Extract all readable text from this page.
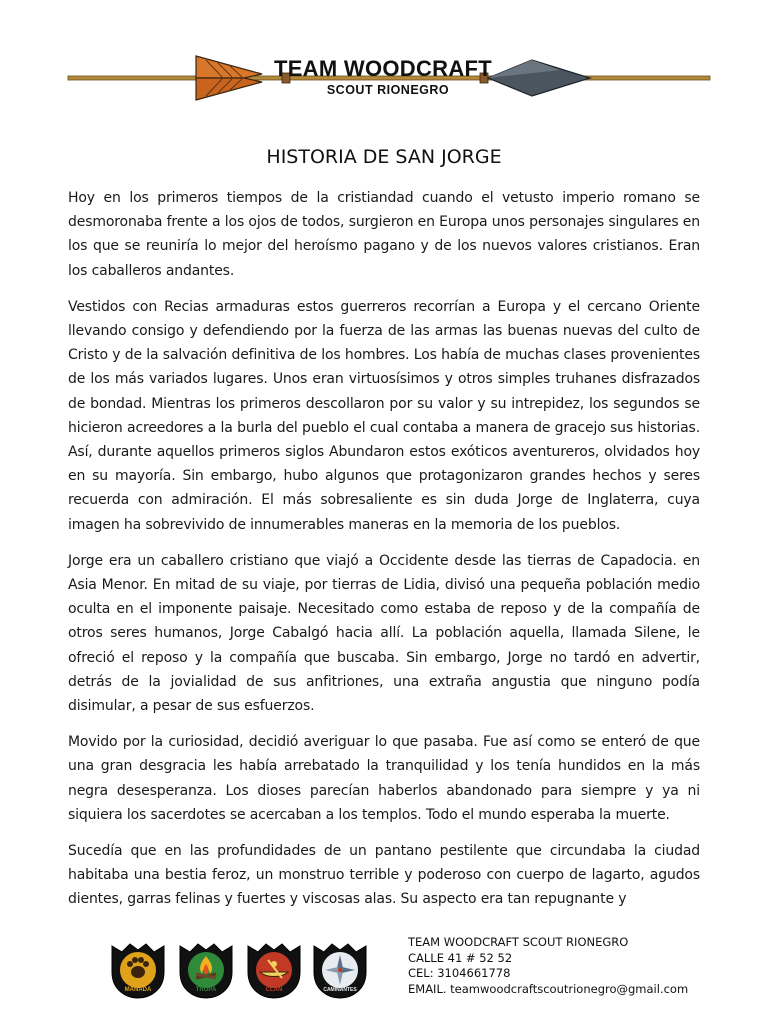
TEAM WOODCRAFT
SCOUT RIONEGRO
HISTORIA DE SAN JORGE

Hoy en los primeros tiempos de la cristiandad cuando el vetusto imperio romano se desmoronaba frente a los ojos de todos, surgieron en Europa unos personajes singulares en los que se reuniría lo mejor del heroísmo pagano y de los nuevos valores cristianos. Eran los caballeros andantes.

Vestidos con Recias armaduras estos guerreros recorrían a Europa y el cercano Oriente llevando consigo y defendiendo por la fuerza de las armas las buenas nuevas del culto de Cristo y de la salvación definitiva de los hombres. Los había de muchas clases provenientes de los más variados lugares. Unos eran virtuosísimos y otros simples truhanes disfrazados de bondad. Mientras los primeros descollaron por su valor y su intrepidez, los segundos se hicieron acreedores a la burla del pueblo el cual contaba a manera de gracejo sus historias. Así, durante aquellos primeros siglos Abundaron estos exóticos aventureros, olvidados hoy en su mayoría. Sin embargo, hubo algunos que protagonizaron grandes hechos y seres recuerda con admiración. El más sobresaliente es sin duda Jorge de Inglaterra, cuya imagen ha sobrevivido de innumerables maneras en la memoria de los pueblos.

Jorge era un caballero cristiano que viajó a Occidente desde las tierras de Capadocia. en Asia Menor. En mitad de su viaje, por tierras de Lidia, divisó una pequeña población medio oculta en el imponente paisaje. Necesitado como estaba de reposo y de la compañía de otros seres humanos, Jorge Cabalgó hacia allí. La población aquella, llamada Silene, le ofreció el reposo y la compañía que buscaba. Sin embargo, Jorge no tardó en advertir, detrás de la jovialidad de sus anfitriones, una extraña angustia que ninguno podía disimular, a pesar de sus esfuerzos.

Movido por la curiosidad, decidió averiguar lo que pasaba. Fue así como se enteró de que una gran desgracia les había arrebatado la tranquilidad y los tenía hundidos en la más negra desesperanza. Los dioses parecían haberlos abandonado para siempre y ya ni siquiera los sacerdotes se acercaban a los templos. Todo el mundo esperaba la muerte.

Sucedía que en las profundidades de un pantano pestilente que circundaba la ciudad habitaba una bestia feroz, un monstruo terrible y poderoso con cuerpo de lagarto, agudos dientes, garras felinas y fuertes y viscosas alas. Su aspecto era tan repugnante y

MANADA	TROPA	CLAN	CAMINANTES
TEAM WOODCRAFT SCOUT RIONEGRO
CALLE 41 # 52 52
CEL: 3104661778
EMAIL. teamwoodcraftscoutrionegro@gmail.com
